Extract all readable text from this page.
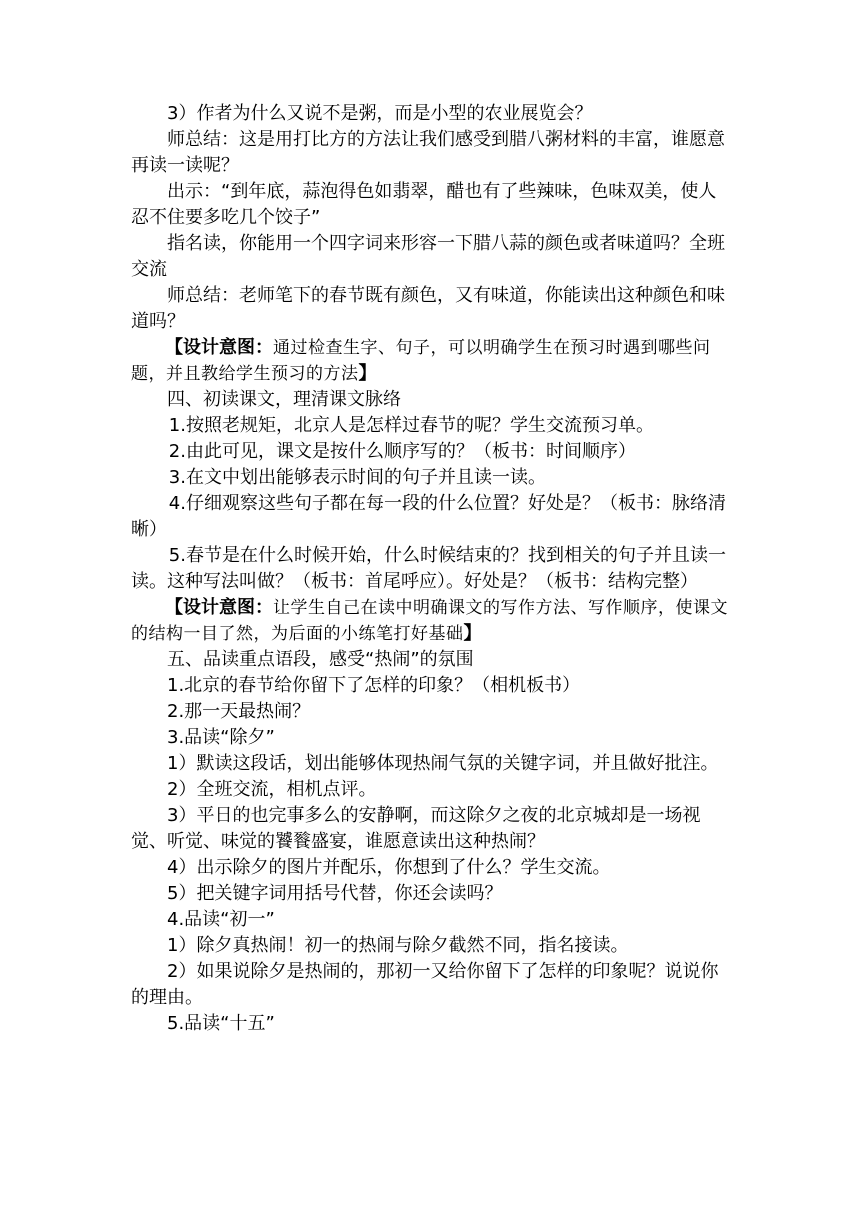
3）作者为什么又说不是粥，而是小型的农业展览会？

师总结：这是用打比方的方法让我们感受到腊八粥材料的丰富，谁愿意再读一读呢？

出示：“到年底，蒜泡得色如翡翠，醋也有了些辣味，色味双美，使人忍不住要多吃几个饺子”

指名读，你能用一个四字词来形容一下腊八蒜的颜色或者味道吗？全班交流

师总结：老师笔下的春节既有颜色，又有味道，你能读出这种颜色和味道吗？

【设计意图：通过检查生字、句子，可以明确学生在预习时遇到哪些问题，并且教给学生预习的方法】

四、初读课文，理清课文脉络

1.按照老规矩，北京人是怎样过春节的呢？学生交流预习单。

2.由此可见，课文是按什么顺序写的？（板书：时间顺序）

3.在文中划出能够表示时间的句子并且读一读。

4.仔细观察这些句子都在每一段的什么位置？好处是？（板书：脉络清晰）

5.春节是在什么时候开始，什么时候结束的？找到相关的句子并且读一读。这种写法叫做？（板书：首尾呼应）。好处是？（板书：结构完整）

【设计意图：让学生自己在读中明确课文的写作方法、写作顺序，使课文的结构一目了然，为后面的小练笔打好基础】

五、品读重点语段，感受“热闹”的氛围

1.北京的春节给你留下了怎样的印象？（相机板书）

2.那一天最热闹？

3.品读“除夕”

1）默读这段话，划出能够体现热闹气氛的关键字词，并且做好批注。

2）全班交流，相机点评。

3）平日的也完事多么的安静啊，而这除夕之夜的北京城却是一场视觉、听觉、味觉的饕餮盛宴，谁愿意读出这种热闹？

4）出示除夕的图片并配乐，你想到了什么？学生交流。

5）把关键字词用括号代替，你还会读吗？

4.品读“初一”

1）除夕真热闹！初一的热闹与除夕截然不同，指名接读。

2）如果说除夕是热闹的，那初一又给你留下了怎样的印象呢？说说你的理由。

5.品读“十五”
